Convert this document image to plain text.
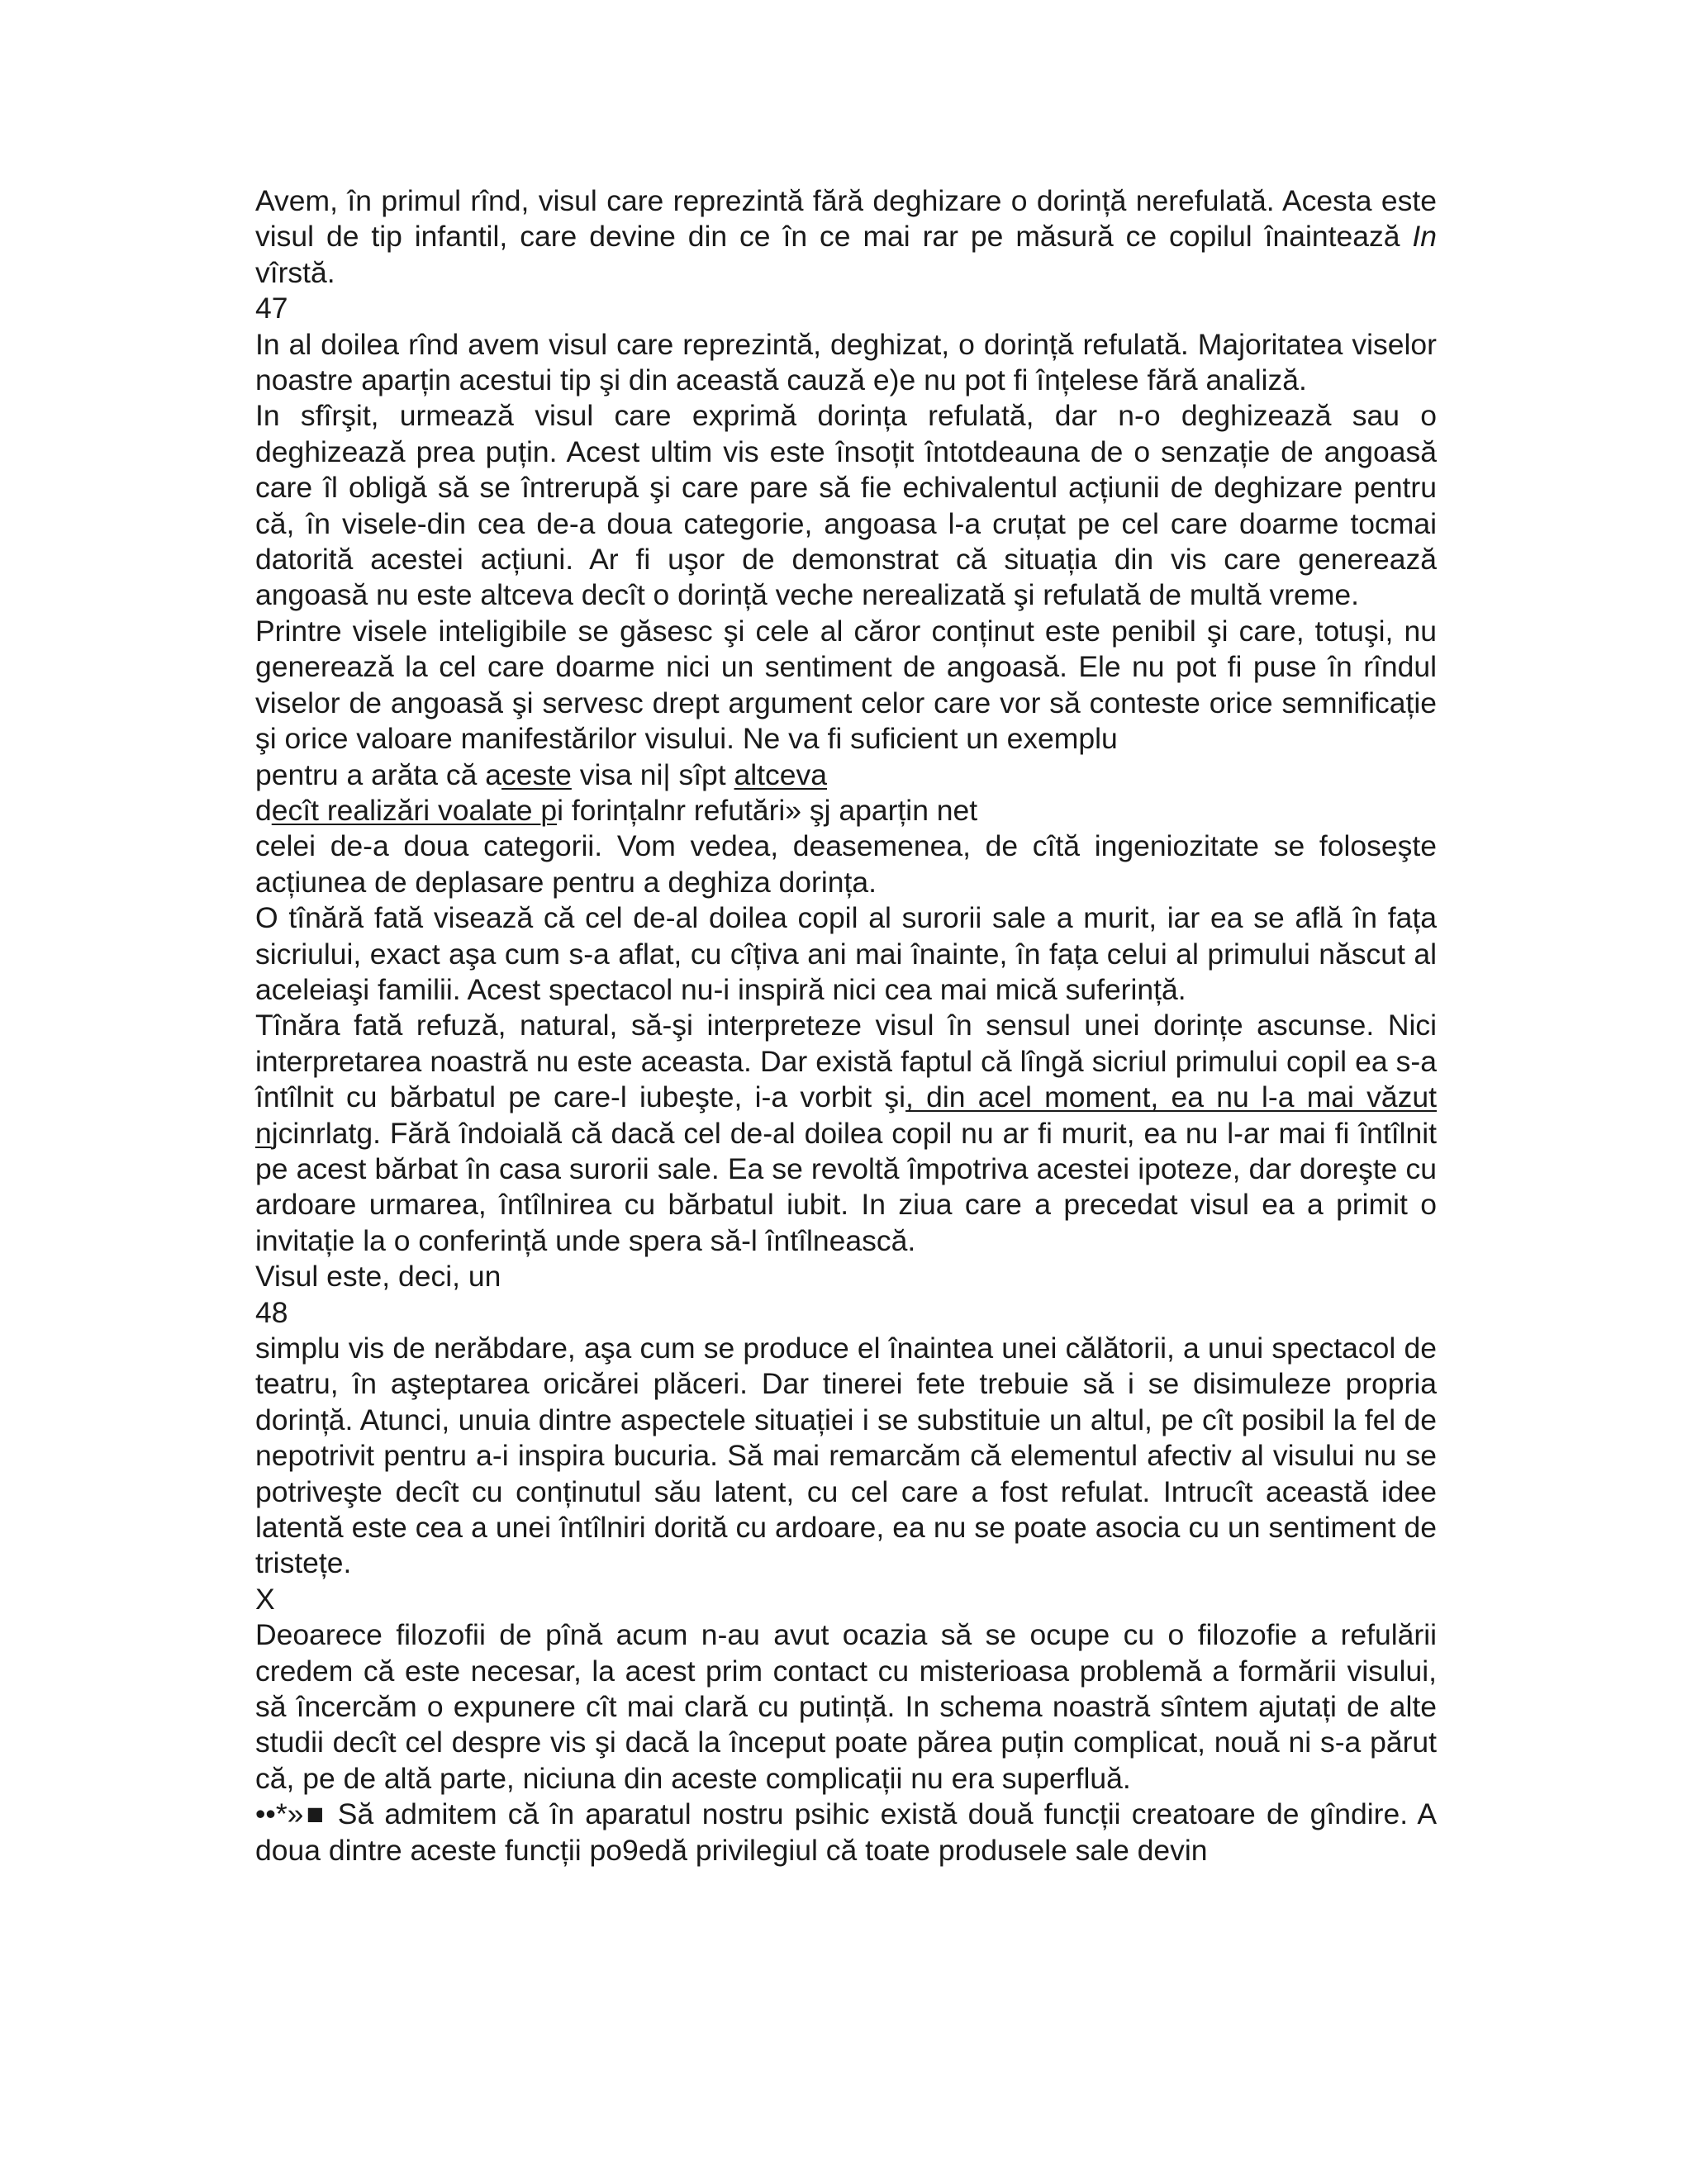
Avem, în primul rînd, visul care reprezintă fără deghizare o dorință nerefulată. Acesta este visul de tip infantil, care devine din ce în ce mai rar pe măsură ce copilul înaintează In vîrstă.

47

In al doilea rînd avem visul care reprezintă, deghizat, o dorință refulată. Majoritatea viselor noastre aparțin acestui tip şi din această cauză e)e nu pot fi înțelese fără analiză.

In sfîrşit, urmează visul care exprimă dorința refulată, dar n-o deghizează sau o deghizează prea puțin. Acest ultim vis este însoțit întotdeauna de o senzație de angoasă care îl obligă să se întrerupă şi care pare să fie echivalentul acțiunii de deghizare pentru că, în visele-din cea de-a doua categorie, angoasa l-a cruțat pe cel care doarme tocmai datorită acestei acțiuni. Ar fi uşor de demonstrat că situația din vis care generează angoasă nu este altceva decît o dorință veche nerealizată şi refulată de multă vreme.

Printre visele inteligibile se găsesc şi cele al căror conținut este penibil şi care, totuşi, nu generează la cel care doarme nici un sentiment de angoasă. Ele nu pot fi puse în rîndul viselor de angoasă şi servesc drept argument celor care vor să conteste orice semnificație şi orice valoare manifestărilor visului. Ne va fi suficient un exemplu

pentru a arăta că aceste visa ni| sîpt altceva

decît realizări voalate pi forințalnr refutări» şj aparțin net

celei de-a doua categorii. Vom vedea, deasemenea, de cîtă ingeniozitate se foloseşte acțiunea de deplasare pentru a deghiza dorința.

O tînără fată visează că cel de-al doilea copil al surorii sale a murit, iar ea se află în fața sicriului, exact aşa cum s-a aflat, cu cîțiva ani mai înainte, în fața celui al primului născut al aceleiaşi familii. Acest spectacol nu-i inspiră nici cea mai mică suferință.

Tînăra fată refuză, natural, să-şi interpreteze visul în sensul unei dorințe ascunse. Nici interpretarea noastră nu este aceasta. Dar există faptul că lîngă sicriul primului copil ea s-a întîlnit cu bărbatul pe care-l iubeşte, i-a vorbit şi, din acel moment, ea nu l-a mai văzut njcinrlatg. Fără îndoială că dacă cel de-al doilea copil nu ar fi murit, ea nu l-ar mai fi întîlnit pe acest bărbat în casa surorii sale. Ea se revoltă împotriva acestei ipoteze, dar doreşte cu ardoare urmarea, întîlnirea cu bărbatul iubit. In ziua care a precedat visul ea a primit o invitație la o conferință unde spera să-l întîlnească.

Visul este, deci, un

48

simplu vis de nerăbdare, aşa cum se produce el înaintea unei călătorii, a unui spectacol de teatru, în aşteptarea oricărei plăceri. Dar tinerei fete trebuie să i se disimuleze propria dorință. Atunci, unuia dintre aspectele situației i se substituie un altul, pe cît posibil la fel de nepotrivit pentru a-i inspira bucuria. Să mai remarcăm că elementul afectiv al visului nu se potriveşte decît cu conținutul său latent, cu cel care a fost refulat. Intrucît această idee latentă este cea a unei întîlniri dorită cu ardoare, ea nu se poate asocia cu un sentiment de tristețe.

X

Deoarece filozofii de pînă acum n-au avut ocazia să se ocupe cu o filozofie a refulării credem că este necesar, la acest prim contact cu misterioasa problemă a formării visului, să încercăm o expunere cît mai clară cu putință. In schema noastră sîntem ajutați de alte studii decît cel despre vis şi dacă la început poate părea puțin complicat, nouă ni s-a părut că, pe de altă parte, niciuna din aceste complicații nu era superfluă.

••*»■ Să admitem că în aparatul nostru psihic există două funcții creatoare de gîndire. A doua dintre aceste funcții po9edă privilegiul că toate produsele sale devin
